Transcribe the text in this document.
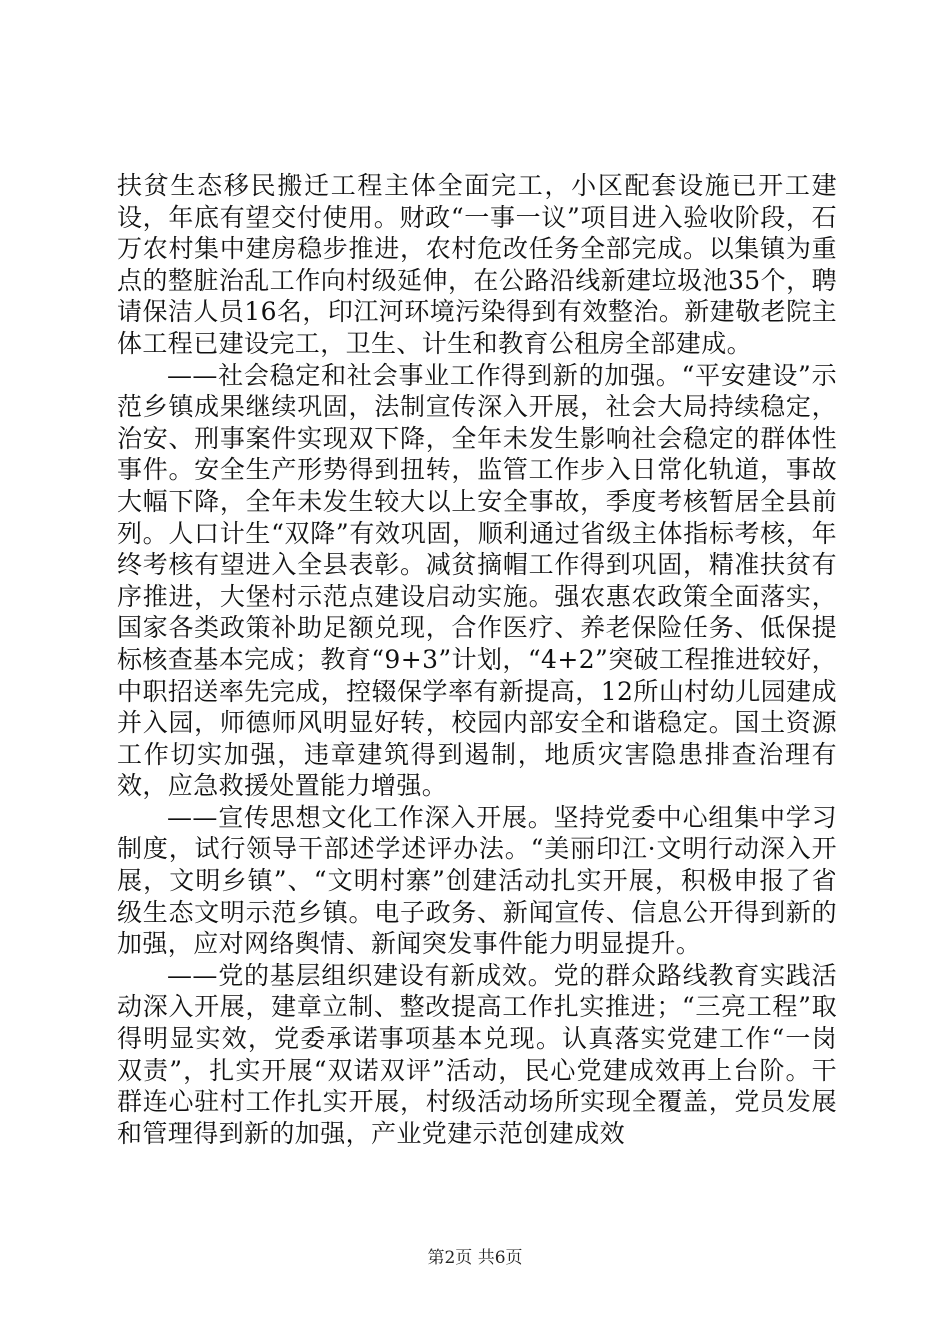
扶贫生态移民搬迁工程主体全面完工，小区配套设施已开工建设，年底有望交付使用。财政“一事一议”项目进入验收阶段，石万农村集中建房稳步推进，农村危改任务全部完成。以集镇为重点的整脏治乱工作向村级延伸，在公路沿线新建垃圾池35个，聘请保洁人员16名，印江河环境污染得到有效整治。新建敬老院主体工程已建设完工，卫生、计生和教育公租房全部建成。

——社会稳定和社会事业工作得到新的加强。“平安建设”示范乡镇成果继续巩固，法制宣传深入开展，社会大局持续稳定，治安、刑事案件实现双下降，全年未发生影响社会稳定的群体性事件。安全生产形势得到扭转，监管工作步入日常化轨道，事故大幅下降，全年未发生较大以上安全事故，季度考核暂居全县前列。人口计生“双降”有效巩固，顺利通过省级主体指标考核，年终考核有望进入全县表彰。减贫摘帽工作得到巩固，精准扶贫有序推进，大堡村示范点建设启动实施。强农惠农政策全面落实，国家各类政策补助足额兑现，合作医疗、养老保险任务、低保提标核查基本完成；教育“9+3”计划，“4+2”突破工程推进较好，中职招送率先完成，控辍保学率有新提高，12所山村幼儿园建成并入园，师德师风明显好转，校园内部安全和谐稳定。国土资源工作切实加强，违章建筑得到遏制，地质灾害隐患排查治理有效，应急救援处置能力增强。

——宣传思想文化工作深入开展。坚持党委中心组集中学习制度，试行领导干部述学述评办法。“美丽印江·文明行动深入开展，文明乡镇”、“文明村寨”创建活动扎实开展，积极申报了省级生态文明示范乡镇。电子政务、新闻宣传、信息公开得到新的加强，应对网络舆情、新闻突发事件能力明显提升。

——党的基层组织建设有新成效。党的群众路线教育实践活动深入开展，建章立制、整改提高工作扎实推进；“三亮工程”取得明显实效，党委承诺事项基本兑现。认真落实党建工作“一岗双责”，扎实开展“双诺双评”活动，民心党建成效再上台阶。干群连心驻村工作扎实开展，村级活动场所实现全覆盖，党员发展和管理得到新的加强，产业党建示范创建成效

第2页 共6页
